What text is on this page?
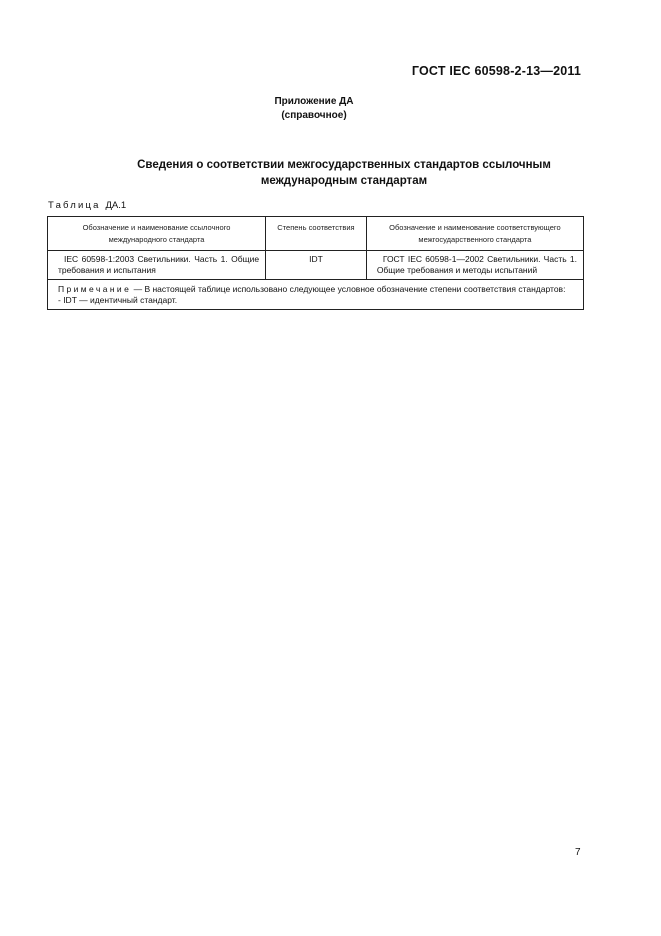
ГОСТ IEC 60598-2-13—2011
Приложение ДА
(справочное)
Сведения о соответствии межгосударственных стандартов ссылочным
международным стандартам
Таблица ДА.1
Обозначение и наименование ссылочного международного стандарта	Степень соответствия	Обозначение и наименование соответствующего межгосударственного стандарта

IEC 60598-1:2003 Светильники. Часть 1. Общие требования и испытания	IDT	ГОСТ IEC 60598-1—2002 Светильники. Часть 1. Общие требования и методы испытаний

Примечание — В настоящей таблице использовано следующее условное обозначение степени соответствия стандартов:
- IDT — идентичный стандарт.		
7
